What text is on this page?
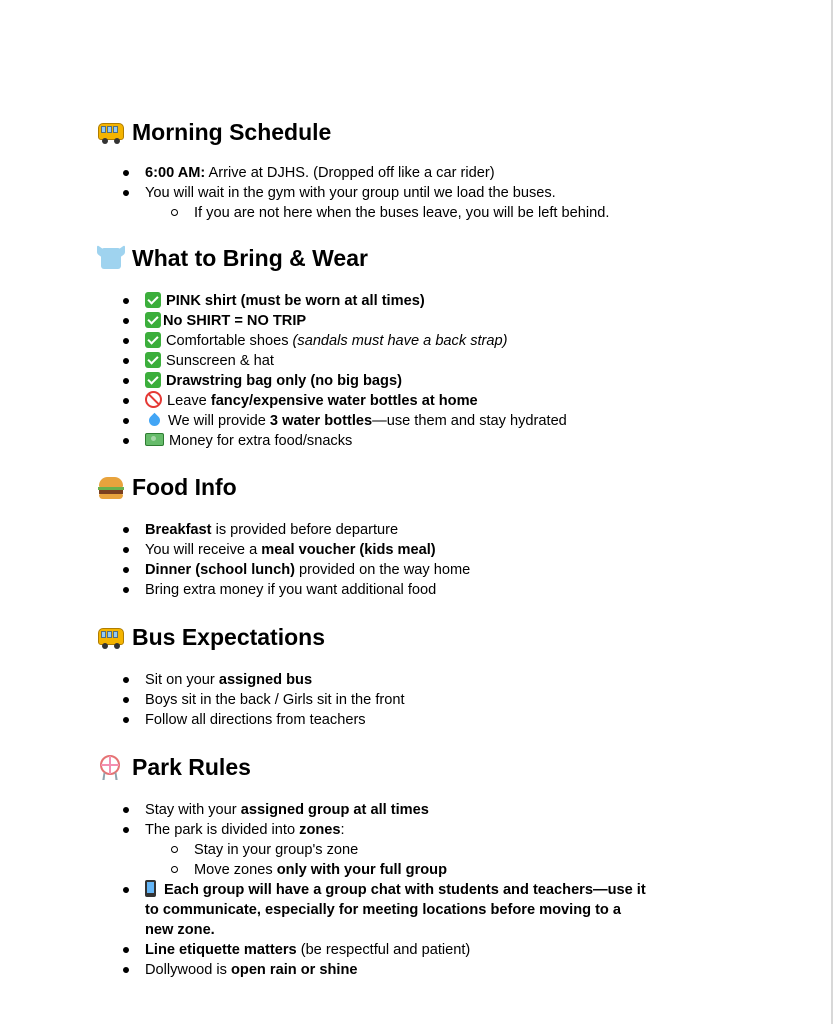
Morning Schedule
6:00 AM: Arrive at DJHS. (Dropped off like a car rider)
You will wait in the gym with your group until we load the buses.
If you are not here when the buses leave, you will be left behind.
What to Bring & Wear
PINK shirt (must be worn at all times)
No SHIRT = NO TRIP
Comfortable shoes (sandals must have a back strap)
Sunscreen & hat
Drawstring bag only (no big bags)
Leave fancy/expensive water bottles at home
We will provide 3 water bottles—use them and stay hydrated
Money for extra food/snacks
Food Info
Breakfast is provided before departure
You will receive a meal voucher (kids meal)
Dinner (school lunch) provided on the way home
Bring extra money if you want additional food
Bus Expectations
Sit on your assigned bus
Boys sit in the back / Girls sit in the front
Follow all directions from teachers
Park Rules
Stay with your assigned group at all times
The park is divided into zones:
Stay in your group's zone
Move zones only with your full group
Each group will have a group chat with students and teachers—use it to communicate, especially for meeting locations before moving to a new zone.
Line etiquette matters (be respectful and patient)
Dollywood is open rain or shine
